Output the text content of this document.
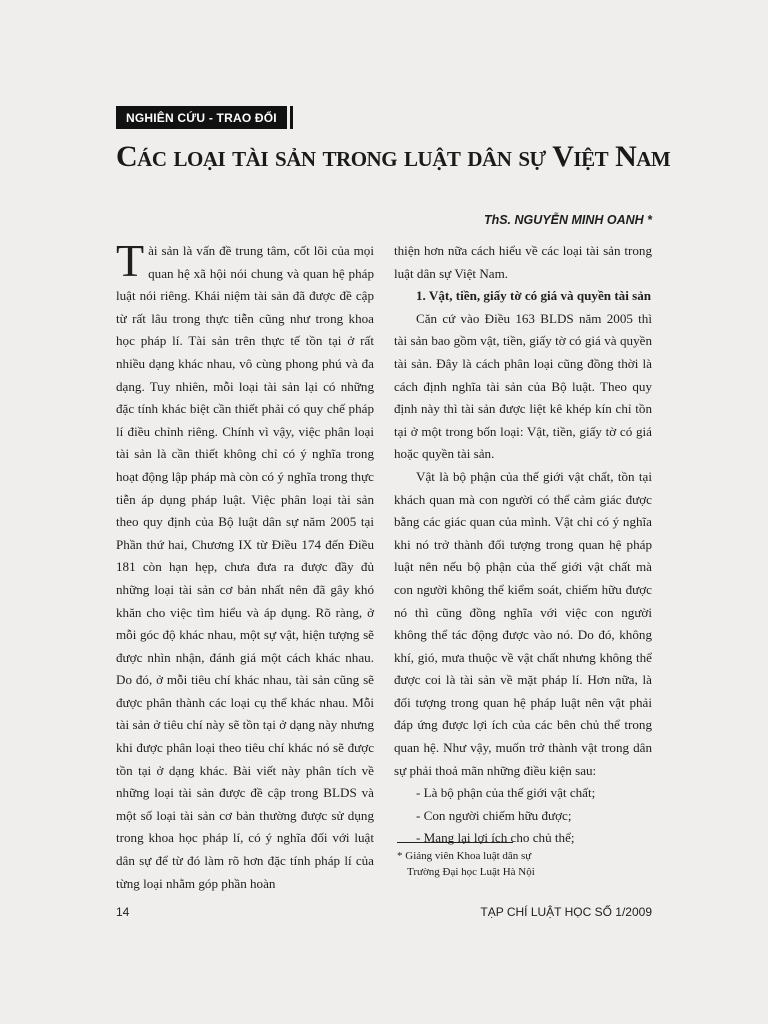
NGHIÊN CỨU - TRAO ĐỔI
Các loại tài sản trong luật dân sự Việt Nam
ThS. NGUYỄN MINH OANH *

Tài sản là vấn đề trung tâm, cốt lõi của mọi quan hệ xã hội nói chung và quan hệ pháp luật nói riêng. Khái niệm tài sản đã được đề cập từ rất lâu trong thực tiễn cũng như trong khoa học pháp lí. Tài sản trên thực tế tồn tại ở rất nhiều dạng khác nhau, vô cùng phong phú và đa dạng. Tuy nhiên, mỗi loại tài sản lại có những đặc tính khác biệt cần thiết phải có quy chế pháp lí điều chỉnh riêng. Chính vì vậy, việc phân loại tài sản là cần thiết không chỉ có ý nghĩa trong hoạt động lập pháp mà còn có ý nghĩa trong thực tiễn áp dụng pháp luật. Việc phân loại tài sản theo quy định của Bộ luật dân sự năm 2005 tại Phần thứ hai, Chương IX từ Điều 174 đến Điều 181 còn hạn hẹp, chưa đưa ra được đầy đủ những loại tài sản cơ bản nhất nên đã gây khó khăn cho việc tìm hiểu và áp dụng. Rõ ràng, ở mỗi góc độ khác nhau, một sự vật, hiện tượng sẽ được nhìn nhận, đánh giá một cách khác nhau. Do đó, ở mỗi tiêu chí khác nhau, tài sản cũng sẽ được phân thành các loại cụ thể khác nhau. Mỗi tài sản ở tiêu chí này sẽ tồn tại ở dạng này nhưng khi được phân loại theo tiêu chí khác nó sẽ được tồn tại ở dạng khác. Bài viết này phân tích về những loại tài sản được đề cập trong BLDS và một số loại tài sản cơ bản thường được sử dụng trong khoa học pháp lí, có ý nghĩa đối với luật dân sự để từ đó làm rõ hơn đặc tính pháp lí của từng loại nhằm góp phần hoàn

thiện hơn nữa cách hiểu về các loại tài sản trong luật dân sự Việt Nam.

1. Vật, tiền, giấy tờ có giá và quyền tài sản

Căn cứ vào Điều 163 BLDS năm 2005 thì tài sản bao gồm vật, tiền, giấy tờ có giá và quyền tài sản. Đây là cách phân loại cũng đồng thời là cách định nghĩa tài sản của Bộ luật. Theo quy định này thì tài sản được liệt kê khép kín chỉ tồn tại ở một trong bốn loại: Vật, tiền, giấy tờ có giá hoặc quyền tài sản.

Vật là bộ phận của thế giới vật chất, tồn tại khách quan mà con người có thể cảm giác được bằng các giác quan của mình. Vật chỉ có ý nghĩa khi nó trở thành đối tượng trong quan hệ pháp luật nên nếu bộ phận của thế giới vật chất mà con người không thể kiểm soát, chiếm hữu được nó thì cũng đồng nghĩa với việc con người không thể tác động được vào nó. Do đó, không khí, gió, mưa thuộc về vật chất nhưng không thể được coi là tài sản về mặt pháp lí. Hơn nữa, là đối tượng trong quan hệ pháp luật nên vật phải đáp ứng được lợi ích của các bên chủ thể trong quan hệ. Như vậy, muốn trở thành vật trong dân sự phải thoả mãn những điều kiện sau:

- Là bộ phận của thế giới vật chất;

- Con người chiếm hữu được;

- Mang lại lợi ích cho chủ thể;

* Giảng viên Khoa luật dân sự
Trường Đại học Luật Hà Nội
14	TẠP CHÍ LUẬT HỌC SỐ 1/2009
